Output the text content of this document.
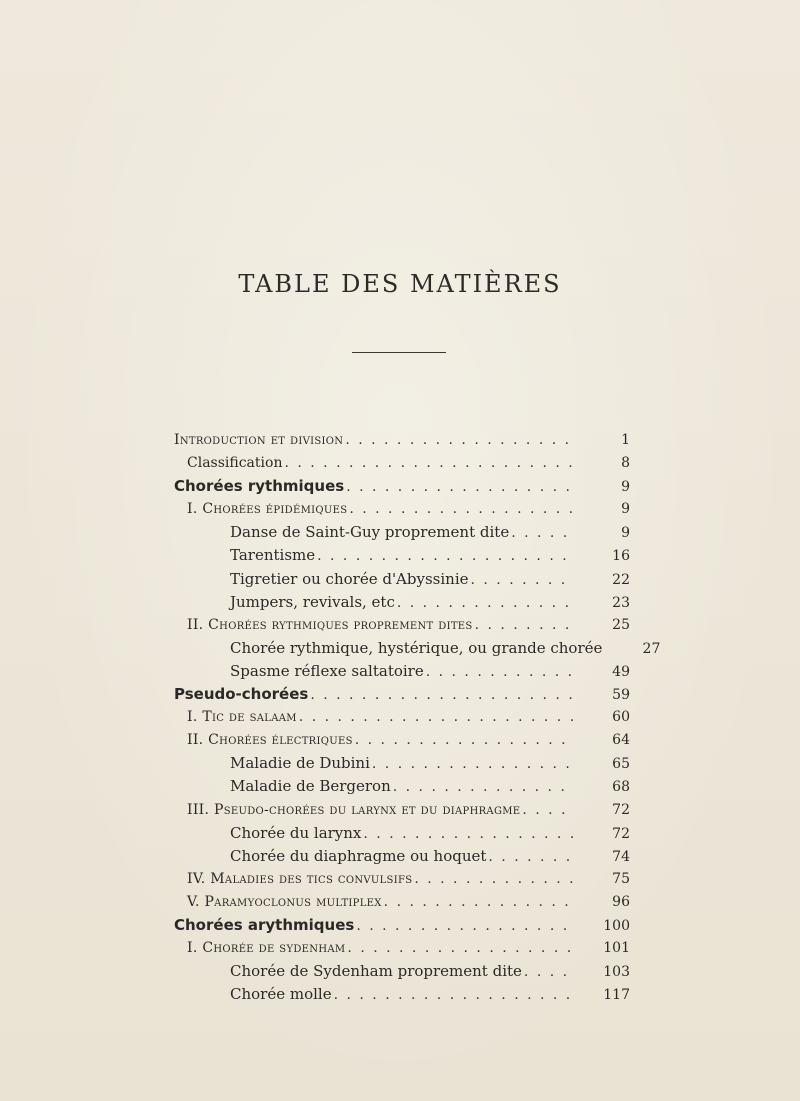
TABLE DES MATIÈRES
Introduction et division . . .	1
Classification . . .	8
Chorées rythmiques . . .	9
I. Chorées épidémiques . . .	9
Danse de Saint-Guy proprement dite . . .	9
Tarentisme . . .	16
Tigretier ou chorée d'Abyssinie . . .	22
Jumpers, revivals, etc . . .	23
II. Chorées rythmiques proprement dites . . .	25
Chorée rythmique, hystérique, ou grande chorée	27
Spasme réflexe saltatoire . . .	49
Pseudo-chorées . . .	59
I. Tic de salaam . . .	60
II. Chorées électriques . . .	64
Maladie de Dubini . . .	65
Maladie de Bergeron . . .	68
III. Pseudo-chorées du larynx et du diaphragme . . .	72
Chorée du larynx . . .	72
Chorée du diaphragme ou hoquet . . .	74
IV. Maladies des tics convulsifs . . .	75
V. Paramyoclonus multiplex . . .	96
Chorées arythmiques . . .	100
I. Chorée de sydenham . . .	101
Chorée de Sydenham proprement dite . . .	103
Chorée molle . . .	117
